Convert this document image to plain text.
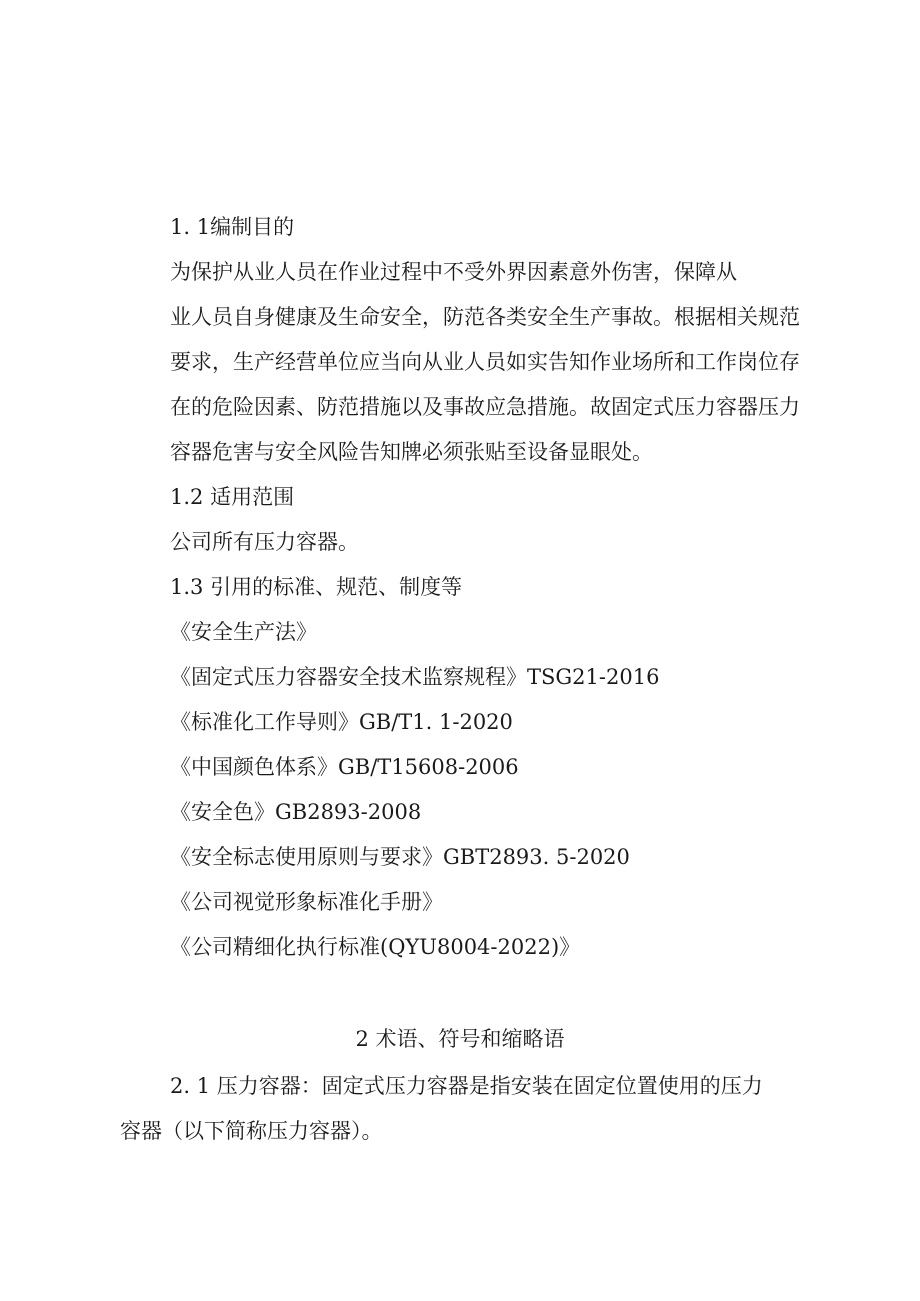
1. 1编制目的

为保护从业人员在作业过程中不受外界因素意外伤害，保障从

业人员自身健康及生命安全，防范各类安全生产事故。根据相关规范

要求，生产经营单位应当向从业人员如实告知作业场所和工作岗位存

在的危险因素、防范措施以及事故应急措施。故固定式压力容器压力

容器危害与安全风险告知牌必须张贴至设备显眼处。

1.2 适用范围

公司所有压力容器。

1.3 引用的标准、规范、制度等

《安全生产法》

《固定式压力容器安全技术监察规程》TSG21-2016

《标准化工作导则》GB/T1. 1-2020

《中国颜色体系》GB/T15608-2006

《安全色》GB2893-2008

《安全标志使用原则与要求》GBT2893. 5-2020

《公司视觉形象标准化手册》

《公司精细化执行标准(QYU8004-2022)》

2 术语、符号和缩略语

2. 1 压力容器：固定式压力容器是指安装在固定位置使用的压力

容器（以下简称压力容器）。
